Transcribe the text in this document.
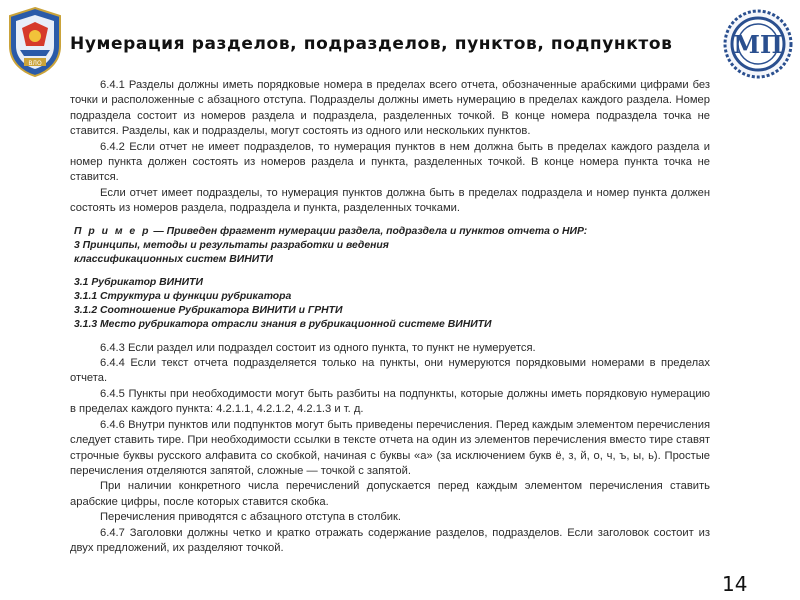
ВЛО
Нумерация разделов, подразделов, пунктов, подпунктов	MП

6.4.1 Разделы должны иметь порядковые номера в пределах всего отчета, обозначенные арабскими цифрами без точки и расположенные с абзацного отступа. Подразделы должны иметь нумерацию в пределах каждого раздела. Номер подраздела состоит из номеров раздела и подраздела, разделенных точкой. В конце номера подраздела точка не ставится. Разделы, как и подразделы, могут состоять из одного или нескольких пунктов.

6.4.2 Если отчет не имеет подразделов, то нумерация пунктов в нем должна быть в пределах каждого раздела и номер пункта должен состоять из номеров раздела и пункта, разделенных точкой. В конце номера пункта точка не ставится.

Если отчет имеет подразделы, то нумерация пунктов должна быть в пределах подраздела и номер пункта должен состоять из номеров раздела, подраздела и пункта, разделенных точками.

П р и м е р — Приведен фрагмент нумерации раздела, подраздела и пунктов отчета о НИР:

3 Принципы, методы и результаты разработки и ведения

классификационных систем ВИНИТИ

3.1 Рубрикатор ВИНИТИ

3.1.1 Структура и функции рубрикатора

3.1.2 Соотношение Рубрикатора ВИНИТИ и ГРНТИ

3.1.3 Место рубрикатора отрасли знания в рубрикационной системе ВИНИТИ

6.4.3 Если раздел или подраздел состоит из одного пункта, то пункт не нумеруется.

6.4.4 Если текст отчета подразделяется только на пункты, они нумеруются порядковыми номерами в пределах отчета.

6.4.5 Пункты при необходимости могут быть разбиты на подпункты, которые должны иметь порядковую нумерацию в пределах каждого пункта: 4.2.1.1, 4.2.1.2, 4.2.1.3 и т. д.

6.4.6 Внутри пунктов или подпунктов могут быть приведены перечисления. Перед каждым элементом перечисления следует ставить тире. При необходимости ссылки в тексте отчета на один из элементов перечисления вместо тире ставят строчные буквы русского алфавита со скобкой, начиная с буквы «а» (за исключением букв ё, з, й, о, ч, ъ, ы, ь). Простые перечисления отделяются запятой, сложные — точкой с запятой.

При наличии конкретного числа перечислений допускается перед каждым элементом перечисления ставить арабские цифры, после которых ставится скобка.

Перечисления приводятся с абзацного отступа в столбик.

6.4.7 Заголовки должны четко и кратко отражать содержание разделов, подразделов. Если заголовок состоит из двух предложений, их разделяют точкой.

14
